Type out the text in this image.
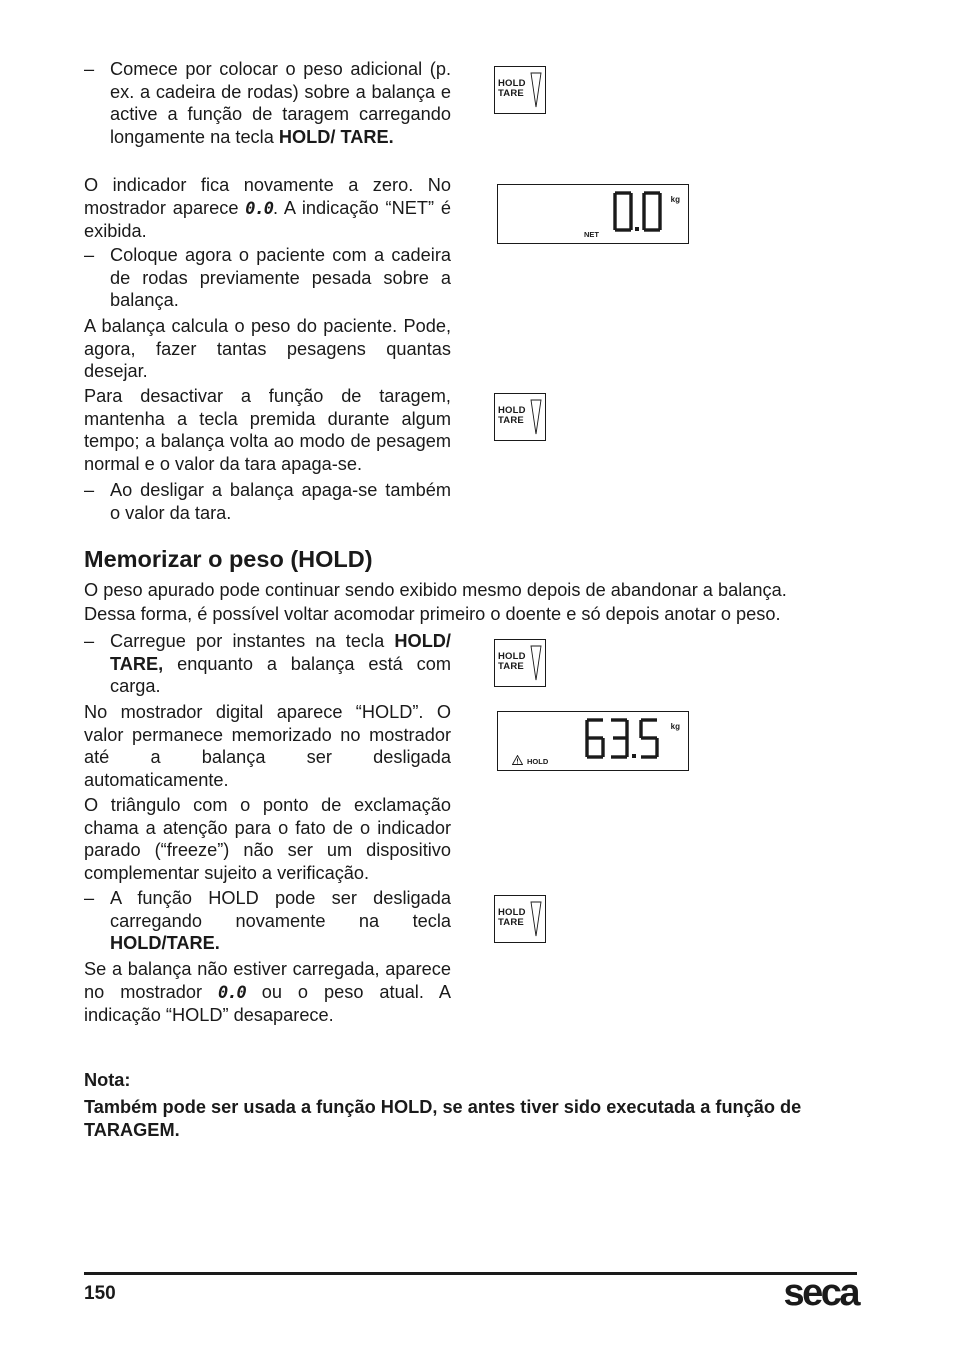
– Comece por colocar o peso adicional (p. ex. a cadeira de rodas) sobre a balança e active a função de taragem carregando longamente na tecla HOLD/ TARE.
O indicador fica novamente a zero. No mostrador aparece 0.0. A indicação “NET” é exibida.
– Coloque agora o paciente com a cadeira de rodas previamente pesada sobre a balança.
A balança calcula o peso do paciente. Pode, agora, fazer tantas pesagens quantas desejar.
Para desactivar a função de taragem, mantenha a tecla premida durante algum tempo; a balança volta ao modo de pesagem normal e o valor da tara apaga-se.
– Ao desligar a balança apaga-se também o valor da tara.
HOLD
TARE
kg
NET
HOLD
TARE
Memorizar o peso (HOLD)
O peso apurado pode continuar sendo exibido mesmo depois de abandonar a balança.
Dessa forma, é possível voltar acomodar primeiro o doente e só depois anotar o peso.
– Carregue por instantes na tecla HOLD/ TARE, enquanto a balança está com carga.
No mostrador digital aparece “HOLD”. O valor permanece memorizado no mostrador até a balança ser desligada automaticamente.
O triângulo com o ponto de exclamação chama a atenção para o fato de o indicador parado (“freeze”) não ser um dispositivo complementar sujeito a verificação.
– A função HOLD pode ser desligada carregando novamente na tecla HOLD/TARE.
Se a balança não estiver carregada, aparece no mostrador 0.0 ou o peso atual. A indicação “HOLD” desaparece.
HOLD
TARE
kg
HOLD
HOLD
TARE
Nota:
Também pode ser usada a função HOLD, se antes tiver sido executada a função de TARAGEM.
150	seca
